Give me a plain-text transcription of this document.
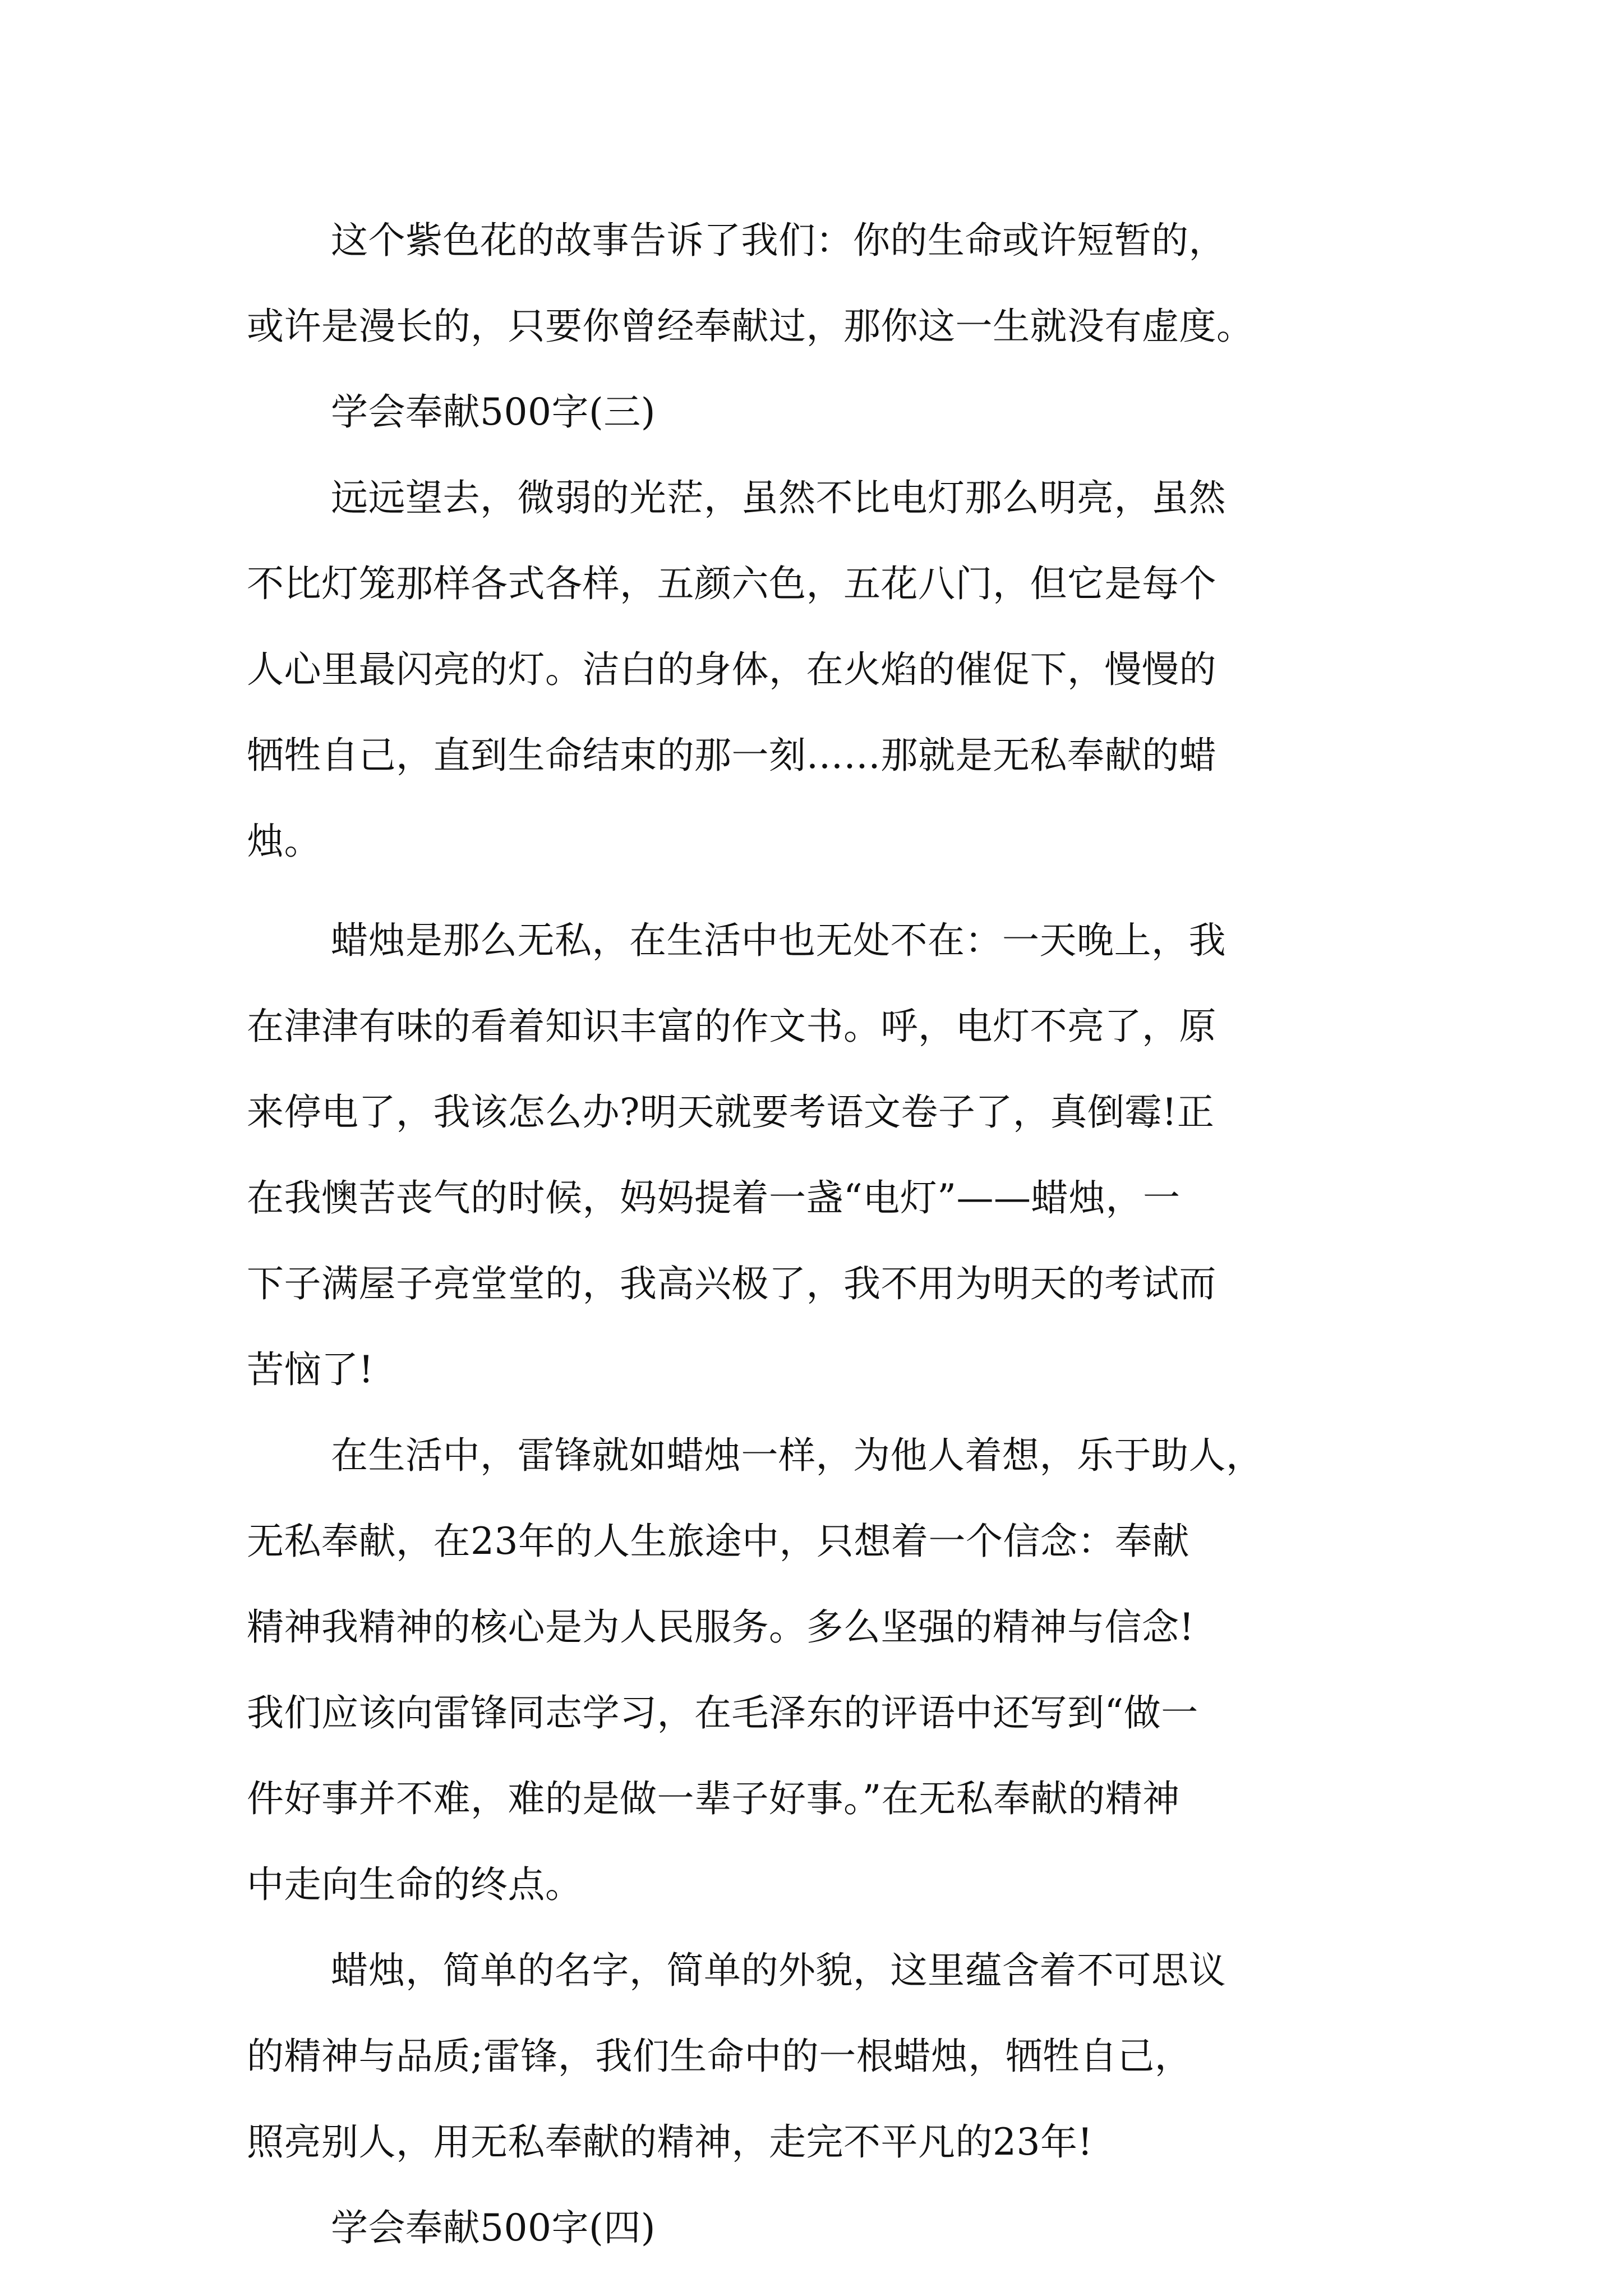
这个紫色花的故事告诉了我们：你的生命或许短暂的，
或许是漫长的，只要你曾经奉献过，那你这一生就没有虚度。
学会奉献500字(三)
远远望去，微弱的光茫，虽然不比电灯那么明亮，虽然
不比灯笼那样各式各样，五颜六色，五花八门，但它是每个
人心里最闪亮的灯。洁白的身体，在火焰的催促下，慢慢的
牺牲自己，直到生命结束的那一刻……那就是无私奉献的蜡
烛。
蜡烛是那么无私，在生活中也无处不在：一天晚上，我
在津津有味的看着知识丰富的作文书。呼，电灯不亮了，原
来停电了，我该怎么办?明天就要考语文卷子了，真倒霉!正
在我懊苦丧气的时候，妈妈提着一盏“电灯”——蜡烛，一
下子满屋子亮堂堂的，我高兴极了，我不用为明天的考试而
苦恼了!
在生活中，雷锋就如蜡烛一样，为他人着想，乐于助人，
无私奉献，在23年的人生旅途中，只想着一个信念：奉献
精神我精神的核心是为人民服务。多么坚强的精神与信念!
我们应该向雷锋同志学习，在毛泽东的评语中还写到“做一
件好事并不难，难的是做一辈子好事。”在无私奉献的精神
中走向生命的终点。
蜡烛，简单的名字，简单的外貌，这里蕴含着不可思议
的精神与品质;雷锋，我们生命中的一根蜡烛，牺牲自己，
照亮别人，用无私奉献的精神，走完不平凡的23年!
学会奉献500字(四)
